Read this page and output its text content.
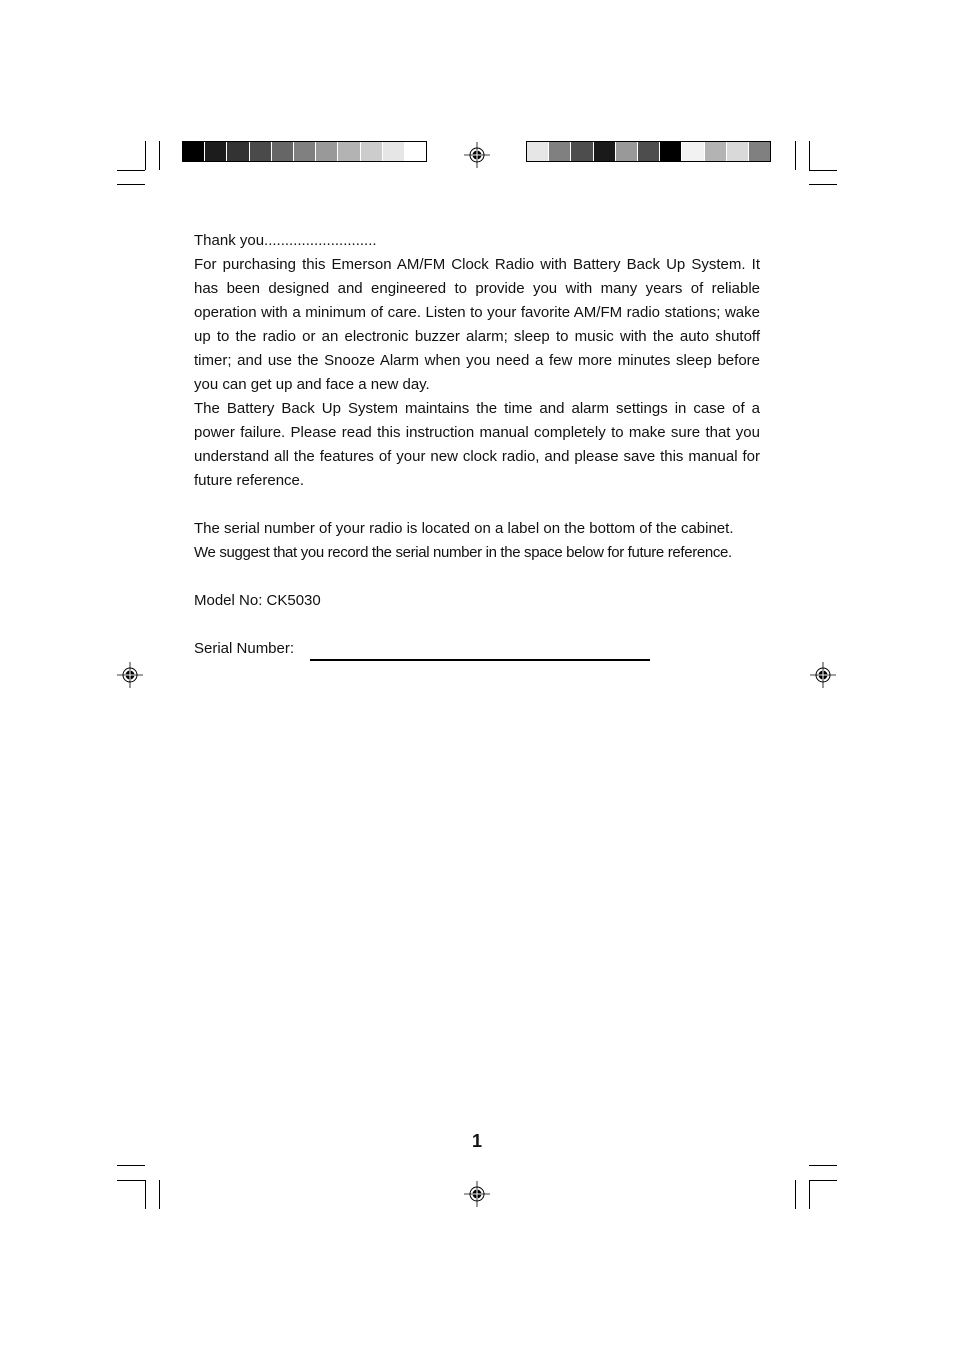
Thank you...........................

For purchasing this Emerson AM/FM Clock Radio with Battery Back Up System. It has been designed and engineered to provide you with many years of reliable operation with a minimum of care. Listen to your favorite AM/FM radio stations; wake up to the radio or an electronic buzzer alarm; sleep to music with the auto shutoff timer; and use the Snooze Alarm when you need a few more minutes sleep before you can get up and face a new day.

The Battery Back Up System maintains the time and alarm settings in case of a power failure. Please read this instruction manual completely to make sure that you understand all the features of your new clock radio, and please save this manual for future reference.

The serial number of your radio is located on a label on the bottom of the cabinet.

We suggest that you record the serial number in the space below for future reference.

Model No: CK5030

Serial Number:
1
